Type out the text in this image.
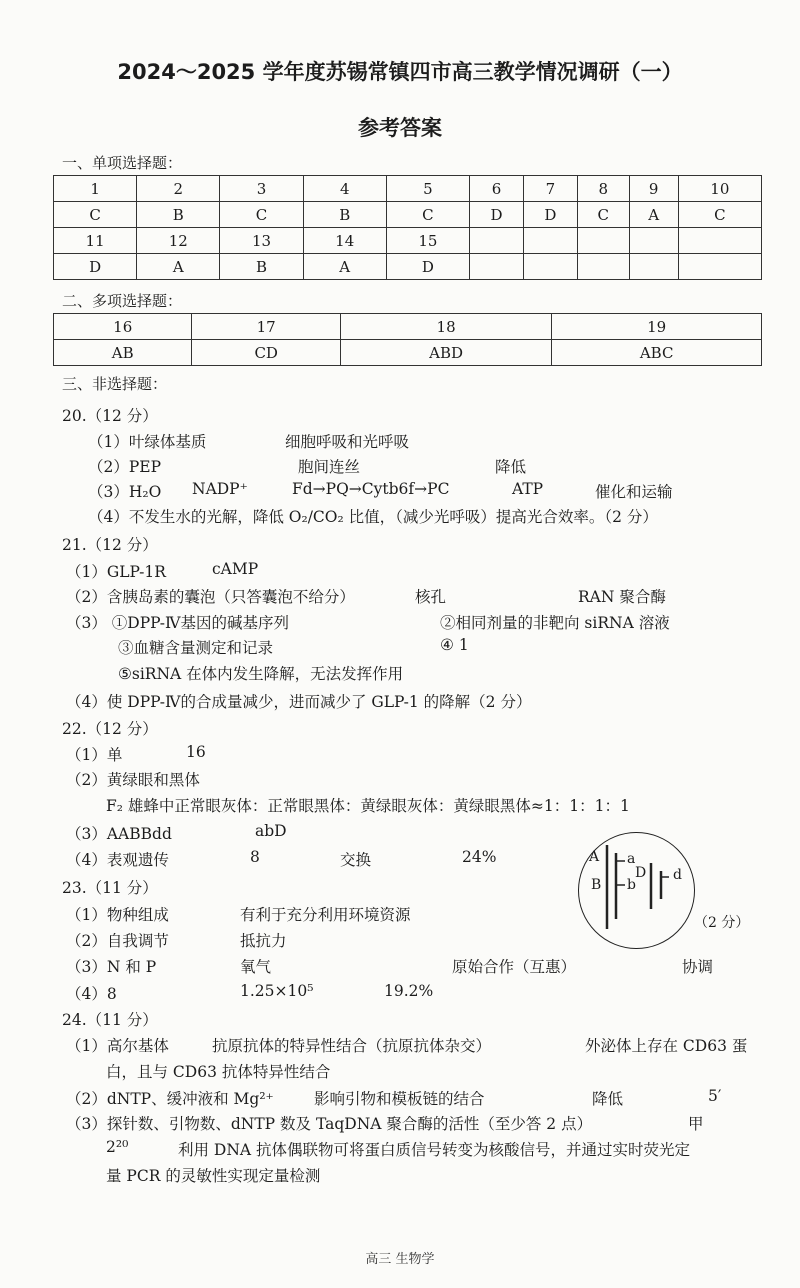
2024～2025 学年度苏锡常镇四市高三教学情况调研（一）
参考答案
一、单项选择题：
1	2	3	4	5	6	7	8	9	10
C	B	C	B	C	D	D	C	A	C
11	12	13	14	15					
D	A	B	A	D					
二、多项选择题：
16	17	18	19
AB	CD	ABD	ABC
三、非选择题：
20.（12 分）
（1）叶绿体基质	细胞呼吸和光呼吸
（2）PEP	胞间连丝	降低
（3）H₂O NADP⁺	Fd→PQ→Cytb6f→PC	ATP	催化和运输
（4）不发生水的光解，降低 O₂/CO₂ 比值，（减少光呼吸）提高光合效率。（2 分）
21.（12 分）
（1）GLP-1R	cAMP
（2）含胰岛素的囊泡（只答囊泡不给分）	核孔	RAN 聚合酶
（3） ①DPP-Ⅳ基因的碱基序列	②相同剂量的非靶向 siRNA 溶液
③血糖含量测定和记录	④ 1
⑤siRNA 在体内发生降解，无法发挥作用
（4）使 DPP-Ⅳ的合成量减少，进而减少了 GLP-1 的降解（2 分）
22.（12 分）
（1）单	16
（2）黄绿眼和黑体
F₂ 雄蜂中正常眼灰体：正常眼黑体：黄绿眼灰体：黄绿眼黑体≈1：1：1：1
（3）AABBdd	abD
（4）表观遗传	8	交换	24%	A a
B b
D d
（2 分）
23.（11 分）
（1）物种组成	有利于充分利用环境资源
（2）自我调节	抵抗力
（3）N 和 P	氧气	原始合作（互惠）	协调
（4）8	1.25×10⁵	19.2%
24.（11 分）
（1）高尔基体	抗原抗体的特异性结合（抗原抗体杂交）	外泌体上存在 CD63 蛋
白，且与 CD63 抗体特异性结合
（2）dNTP、缓冲液和 Mg²⁺	影响引物和模板链的结合	降低	5′
（3）探针数、引物数、dNTP 数及 TaqDNA 聚合酶的活性（至少答 2 点）	甲
2²⁰	利用 DNA 抗体偶联物可将蛋白质信号转变为核酸信号，并通过实时荧光定
量 PCR 的灵敏性实现定量检测
高三 生物学
